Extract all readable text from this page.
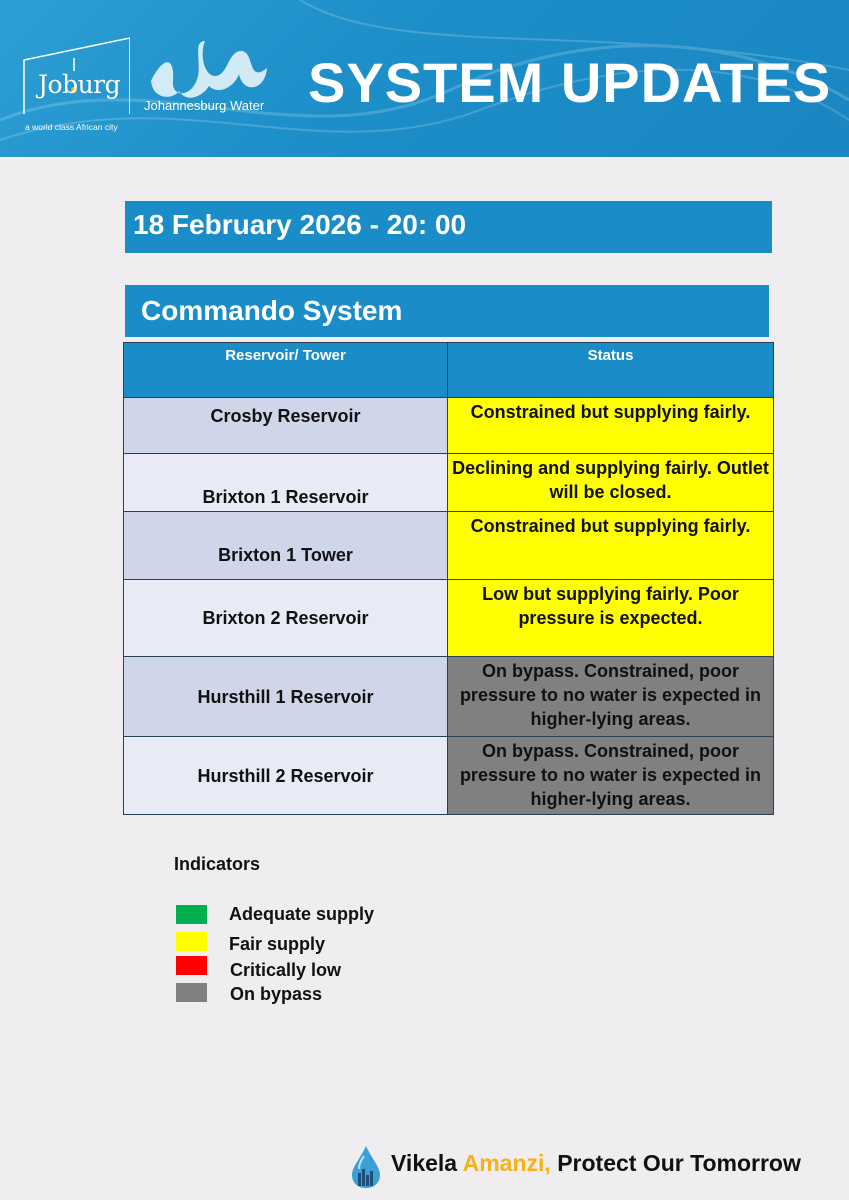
Joburg
a world class African city
Johannesburg Water SYSTEM UPDATES
18 February 2026 - 20: 00
Commando System
Reservoir/ Tower	Status
Crosby Reservoir	Constrained but supplying fairly.
Brixton 1 Reservoir	Declining and supplying fairly. Outlet will be closed.
Brixton 1 Tower	Constrained but supplying fairly.
Brixton 2 Reservoir	Low but supplying fairly. Poor pressure is expected.
Hursthill 1 Reservoir	On bypass. Constrained, poor pressure to no water is expected in higher-lying areas.
Hursthill 2 Reservoir	On bypass. Constrained, poor pressure to no water is expected in higher-lying areas.
Indicators
Adequate supply
Fair supply
Critically low
On bypass
Vikela Amanzi, Protect Our Tomorrow
